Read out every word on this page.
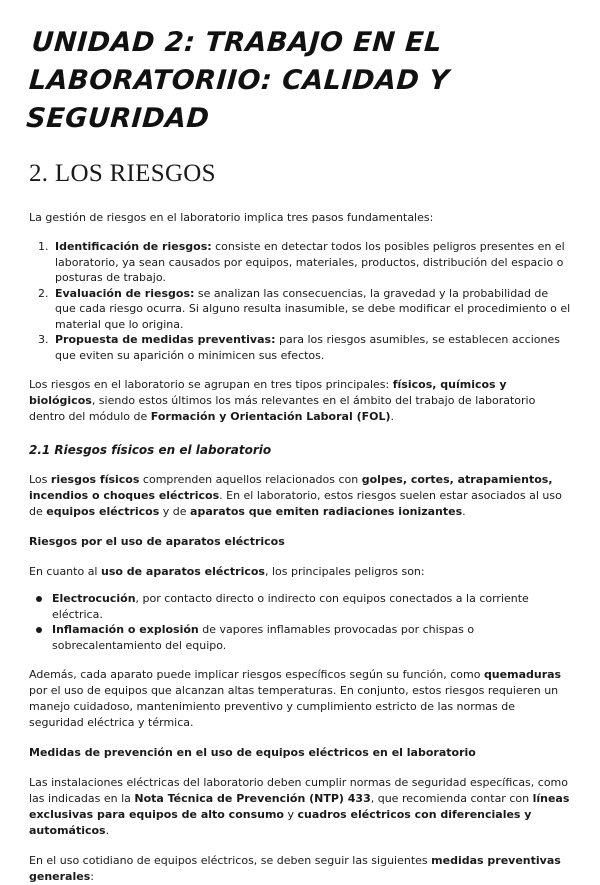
UNIDAD 2: TRABAJO EN EL LABORATORIIO: CALIDAD Y SEGURIDAD
2. LOS RIESGOS

La gestión de riesgos en el laboratorio implica tres pasos fundamentales:

1. Identificación de riesgos: consiste en detectar todos los posibles peligros presentes en el laboratorio, ya sean causados por equipos, materiales, productos, distribución del espacio o posturas de trabajo.
2. Evaluación de riesgos: se analizan las consecuencias, la gravedad y la probabilidad de que cada riesgo ocurra. Si alguno resulta inasumible, se debe modificar el procedimiento o el material que lo origina.
3. Propuesta de medidas preventivas: para los riesgos asumibles, se establecen acciones que eviten su aparición o minimicen sus efectos.

Los riesgos en el laboratorio se agrupan en tres tipos principales: físicos, químicos y biológicos, siendo estos últimos los más relevantes en el ámbito del trabajo de laboratorio dentro del módulo de Formación y Orientación Laboral (FOL).

2.1 Riesgos físicos en el laboratorio

Los riesgos físicos comprenden aquellos relacionados con golpes, cortes, atrapamientos, incendios o choques eléctricos. En el laboratorio, estos riesgos suelen estar asociados al uso de equipos eléctricos y de aparatos que emiten radiaciones ionizantes.

Riesgos por el uso de aparatos eléctricos

En cuanto al uso de aparatos eléctricos, los principales peligros son:

Electrocución, por contacto directo o indirecto con equipos conectados a la corriente eléctrica.
Inflamación o explosión de vapores inflamables provocadas por chispas o sobrecalentamiento del equipo.

Además, cada aparato puede implicar riesgos específicos según su función, como quemaduras por el uso de equipos que alcanzan altas temperaturas. En conjunto, estos riesgos requieren un manejo cuidadoso, mantenimiento preventivo y cumplimiento estricto de las normas de seguridad eléctrica y térmica.

Medidas de prevención en el uso de equipos eléctricos en el laboratorio

Las instalaciones eléctricas del laboratorio deben cumplir normas de seguridad específicas, como las indicadas en la Nota Técnica de Prevención (NTP) 433, que recomienda contar con líneas exclusivas para equipos de alto consumo y cuadros eléctricos con diferenciales y automáticos.

En el uso cotidiano de equipos eléctricos, se deben seguir las siguientes medidas preventivas generales:
